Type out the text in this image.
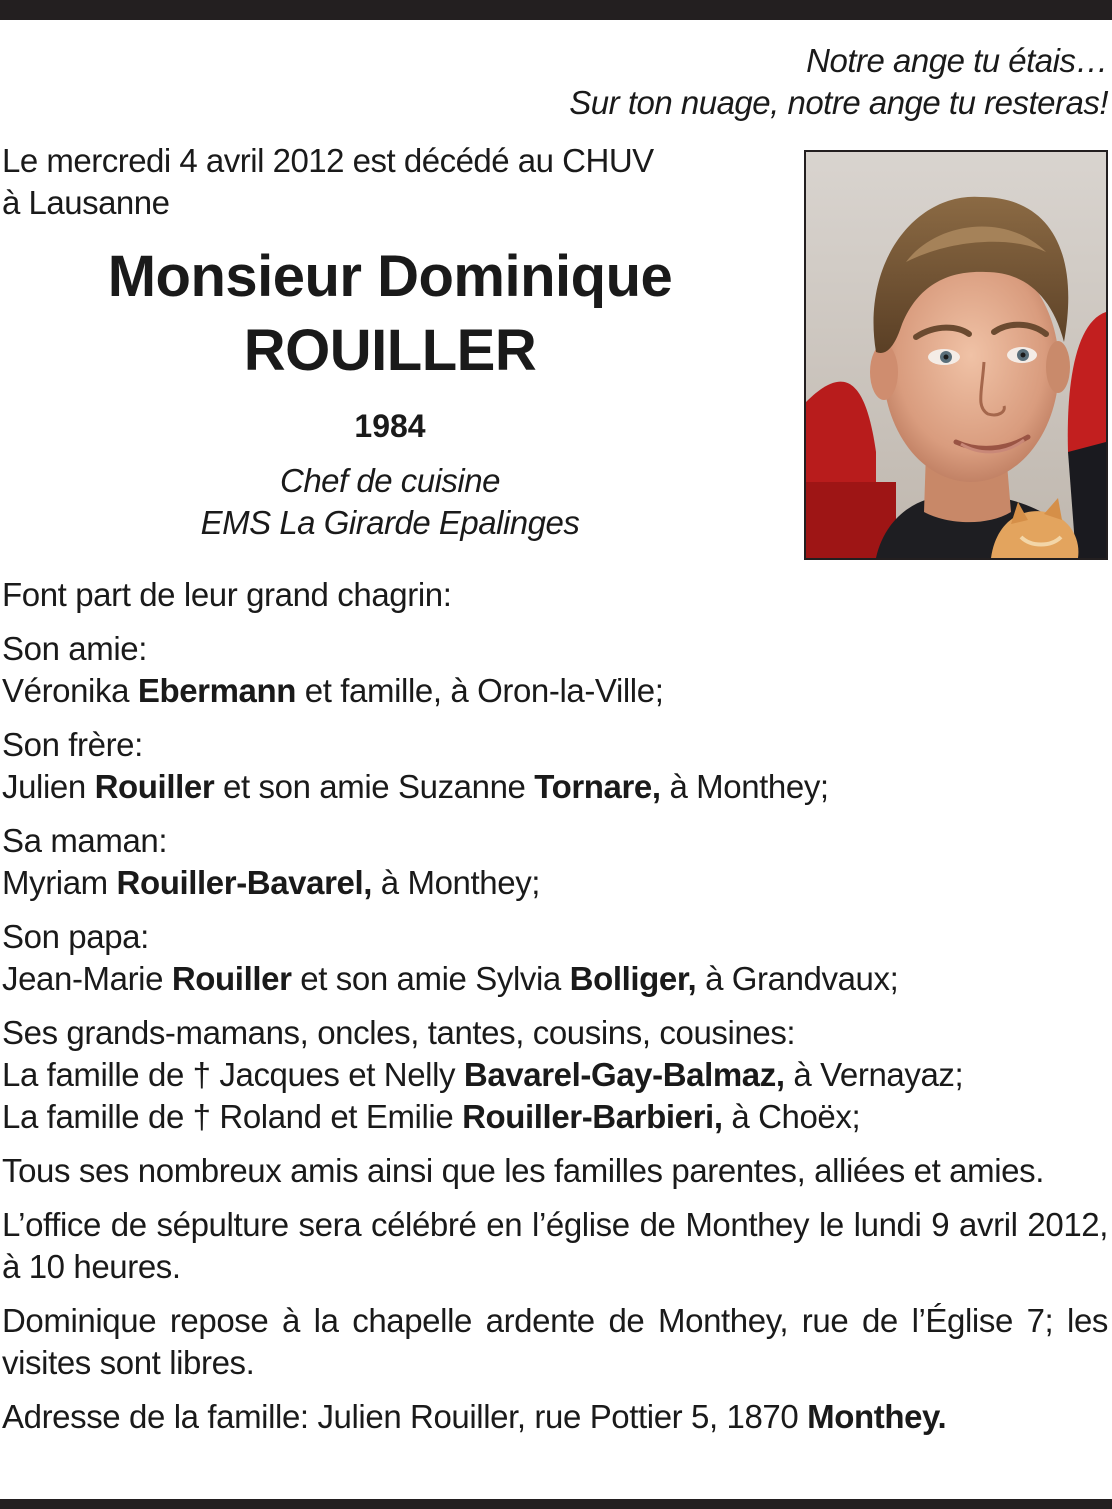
Notre ange tu étais…
Sur ton nuage, notre ange tu resteras!
Le mercredi 4 avril 2012 est décédé au CHUV
à Lausanne
Monsieur Dominique
ROUILLER
1984
Chef de cuisine
EMS La Girarde Epalinges
Font part de leur grand chagrin:
Son amie:
Véronika Ebermann et famille, à Oron-la-Ville;
Son frère:
Julien Rouiller et son amie Suzanne Tornare, à Monthey;
Sa maman:
Myriam Rouiller-Bavarel, à Monthey;
Son papa:
Jean-Marie Rouiller et son amie Sylvia Bolliger, à Grandvaux;
Ses grands-mamans, oncles, tantes, cousins, cousines:
La famille de † Jacques et Nelly Bavarel-Gay-Balmaz, à Vernayaz;
La famille de † Roland et Emilie Rouiller-Barbieri, à Choëx;
Tous ses nombreux amis ainsi que les familles parentes, alliées et amies.
L’office de sépulture sera célébré en l’église de Monthey le lundi 9 avril 2012, à 10 heures.
Dominique repose à la chapelle ardente de Monthey, rue de l’Église 7; les visites sont libres.
Adresse de la famille: Julien Rouiller, rue Pottier 5, 1870 Monthey.
